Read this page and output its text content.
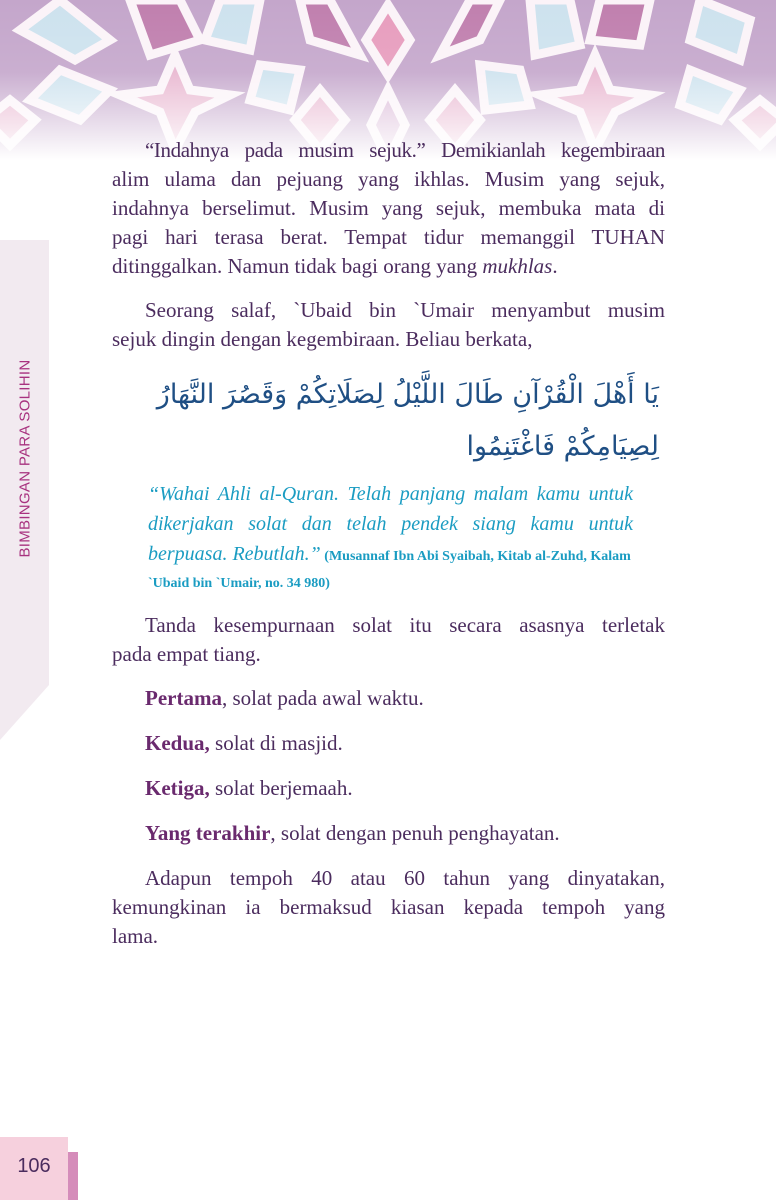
BIMBINGAN PARA SOLIHIN
“Indahnya pada musim sejuk.” Demikianlah kegembiraan
alim ulama dan pejuang yang ikhlas. Musim yang sejuk,
indahnya berselimut. Musim yang sejuk, membuka mata di
pagi hari terasa berat. Tempat tidur memanggil TUHAN
ditinggalkan. Namun tidak bagi orang yang mukhlas.
Seorang salaf, `Ubaid bin `Umair menyambut musim
sejuk dingin dengan kegembiraan. Beliau berkata,
يَا أَهْلَ الْقُرْآنِ طَالَ اللَّيْلُ لِصَلَاتِكُمْ وَقَصُرَ النَّهَارُ
لِصِيَامِكُمْ فَاغْتَنِمُوا
“Wahai Ahli al-Quran. Telah panjang malam kamu untuk
dikerjakan solat dan telah pendek siang kamu untuk
berpuasa. Rebutlah.” (Musannaf Ibn Abi Syaibah, Kitab al-Zuhd, Kalam
`Ubaid bin `Umair, no. 34 980)
Tanda kesempurnaan solat itu secara asasnya terletak
pada empat tiang.
Pertama, solat pada awal waktu.
Kedua, solat di masjid.
Ketiga, solat berjemaah.
Yang terakhir, solat dengan penuh penghayatan.
Adapun tempoh 40 atau 60 tahun yang dinyatakan,
kemungkinan ia bermaksud kiasan kepada tempoh yang
lama.
106
